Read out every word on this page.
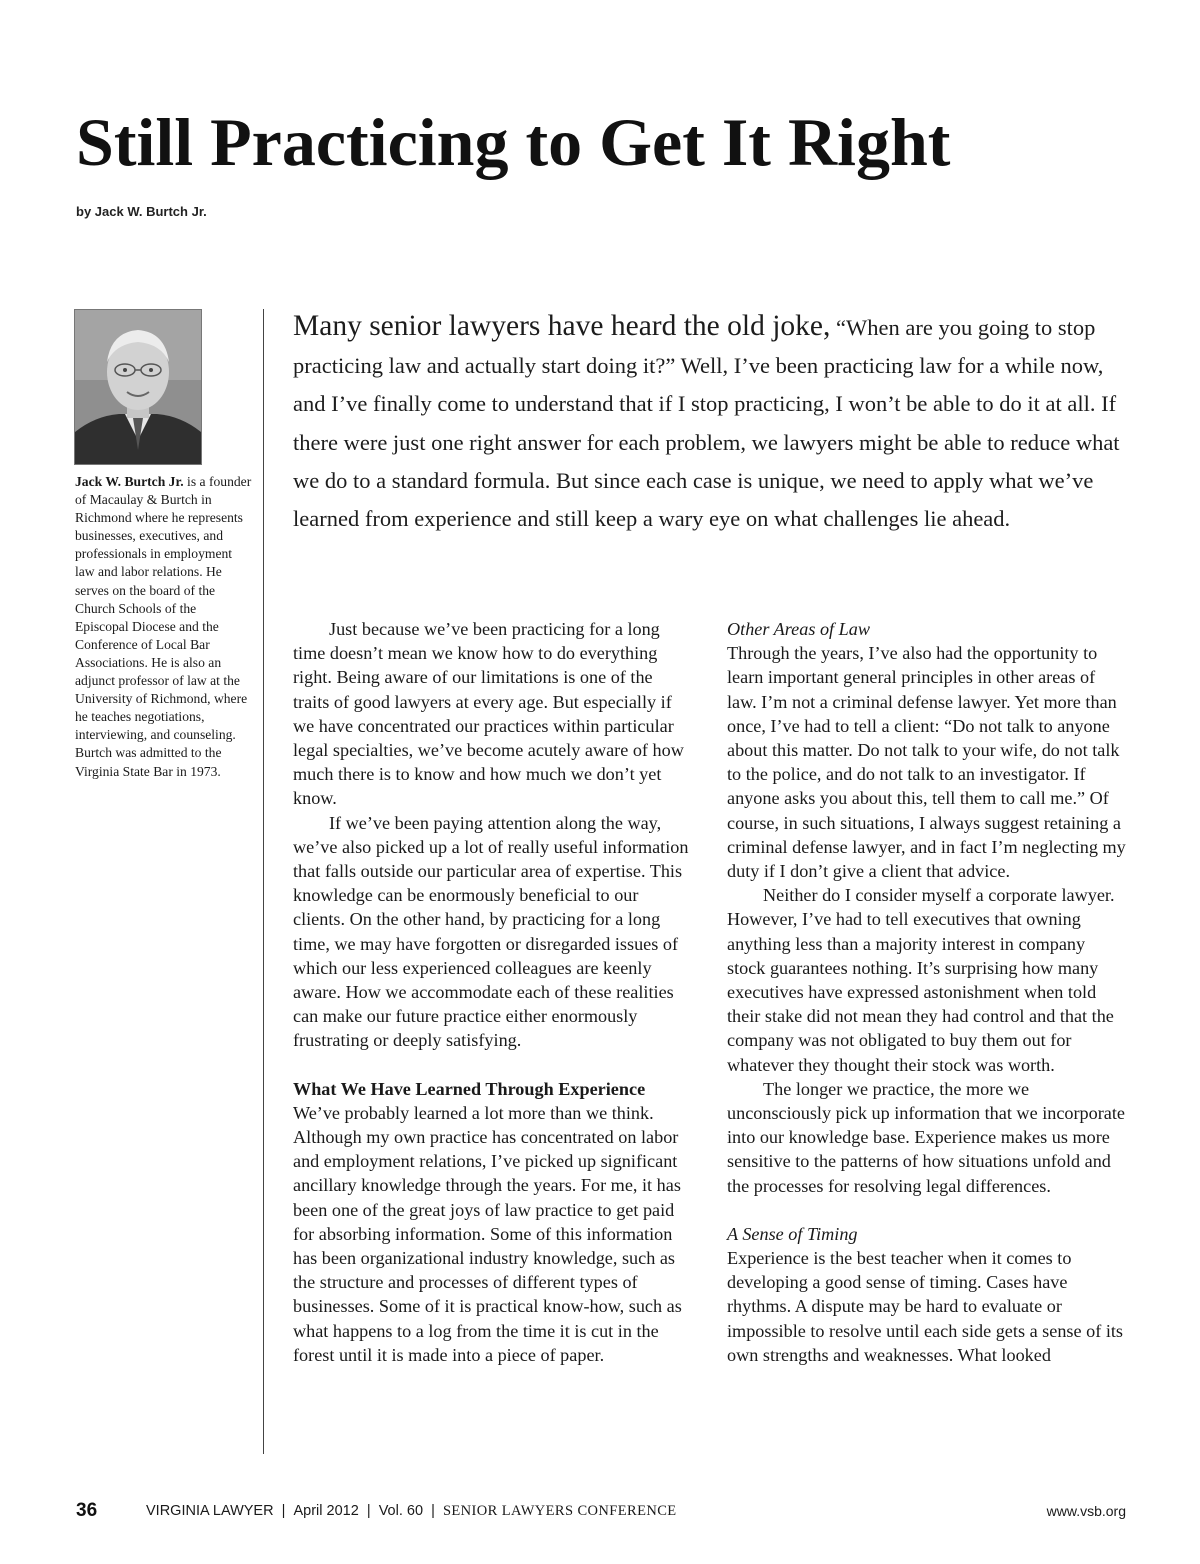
Still Practicing to Get It Right
by Jack W. Burtch Jr.
Jack W. Burtch Jr. is a founder of Macaulay & Burtch in Richmond where he represents businesses, executives, and professionals in employment law and labor relations. He serves on the board of the Church Schools of the Episcopal Diocese and the Conference of Local Bar Associations. He is also an adjunct professor of law at the University of Richmond, where he teaches negotiations, interviewing, and counseling. Burtch was admitted to the Virginia State Bar in 1973.
Many senior lawyers have heard the old joke, “When are you going to stop practicing law and actually start doing it?” Well, I’ve been practicing law for a while now, and I’ve finally come to understand that if I stop practicing, I won’t be able to do it at all. If there were just one right answer for each problem, we lawyers might be able to reduce what we do to a standard formula. But since each case is unique, we need to apply what we’ve learned from experience and still keep a wary eye on what challenges lie ahead.

Just because we’ve been practicing for a long time doesn’t mean we know how to do everything right. Being aware of our limitations is one of the traits of good lawyers at every age. But especially if we have concentrated our practices within particular legal specialties, we’ve become acutely aware of how much there is to know and how much we don’t yet know.

If we’ve been paying attention along the way, we’ve also picked up a lot of really useful information that falls outside our particular area of expertise. This knowledge can be enormously beneficial to our clients. On the other hand, by practicing for a long time, we may have forgotten or disregarded issues of which our less experienced colleagues are keenly aware. How we accommodate each of these realities can make our future practice either enormously frustrating or deeply satisfying.

What We Have Learned Through Experience

We’ve probably learned a lot more than we think. Although my own practice has concentrated on labor and employment relations, I’ve picked up significant ancillary knowledge through the years. For me, it has been one of the great joys of law practice to get paid for absorbing information. Some of this information has been organizational industry knowledge, such as the structure and processes of different types of businesses. Some of it is practical know-how, such as what happens to a log from the time it is cut in the forest until it is made into a piece of paper.

Other Areas of Law

Through the years, I’ve also had the opportunity to learn important general principles in other areas of law. I’m not a criminal defense lawyer. Yet more than once, I’ve had to tell a client: “Do not talk to anyone about this matter. Do not talk to your wife, do not talk to the police, and do not talk to an investigator. If anyone asks you about this, tell them to call me.” Of course, in such situations, I always suggest retaining a criminal defense lawyer, and in fact I’m neglecting my duty if I don’t give a client that advice.

Neither do I consider myself a corporate lawyer. However, I’ve had to tell executives that owning anything less than a majority interest in company stock guarantees nothing. It’s surprising how many executives have expressed astonishment when told their stake did not mean they had control and that the company was not obligated to buy them out for whatever they thought their stock was worth.

The longer we practice, the more we unconsciously pick up information that we incorporate into our knowledge base. Experience makes us more sensitive to the patterns of how situations unfold and the processes for resolving legal differences.

A Sense of Timing

Experience is the best teacher when it comes to developing a good sense of timing. Cases have rhythms. A dispute may be hard to evaluate or impossible to resolve until each side gets a sense of its own strengths and weaknesses. What looked

36	VIRGINIA LAWYER | April 2012 | Vol. 60 | SENIOR LAWYERS CONFERENCE	www.vsb.org
